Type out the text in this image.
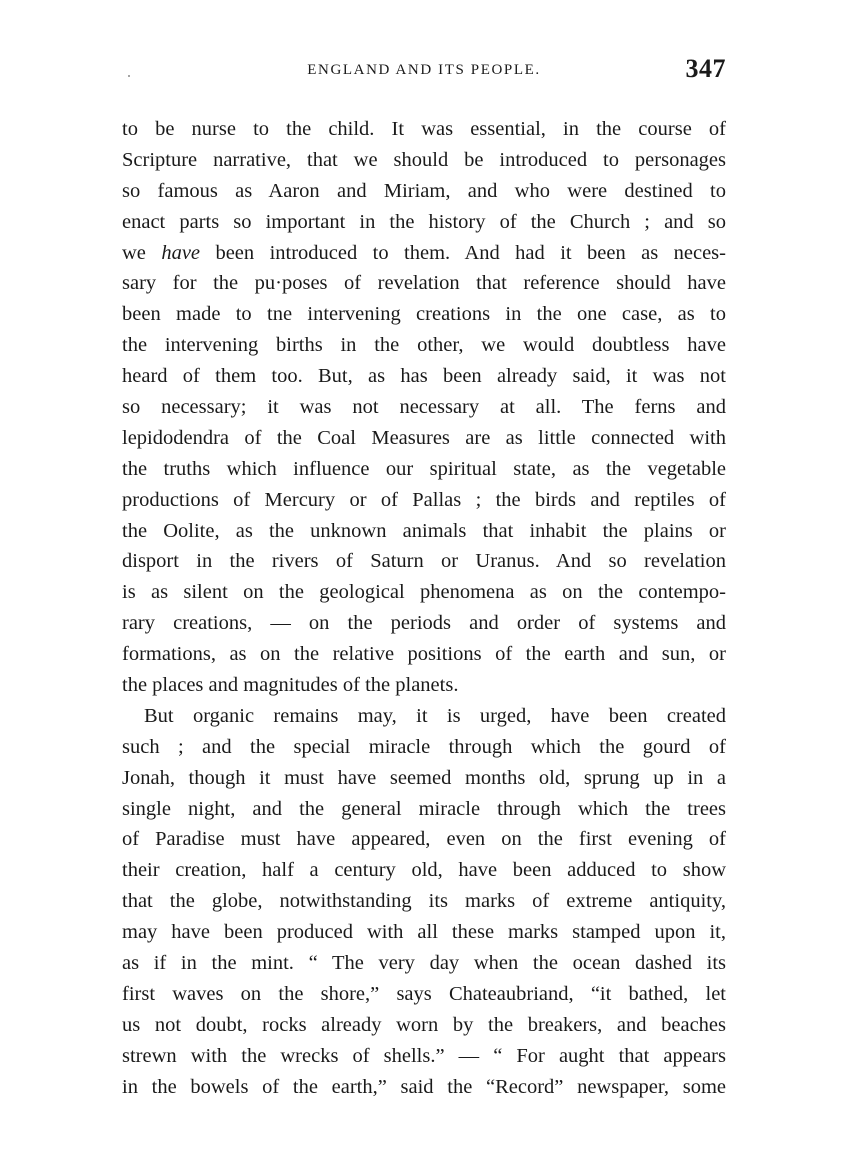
ENGLAND AND ITS PEOPLE.	347
to be nurse to the child. It was essential, in the course of
Scripture narrative, that we should be introduced to personages
so famous as Aaron and Miriam, and who were destined to
enact parts so important in the history of the Church ; and so
we have been introduced to them. And had it been as neces-
sary for the pu·poses of revelation that reference should have
been made to tne intervening creations in the one case, as to
the intervening births in the other, we would doubtless have
heard of them too. But, as has been already said, it was not
so necessary; it was not necessary at all. The ferns and
lepidodendra of the Coal Measures are as little connected with
the truths which influence our spiritual state, as the vegetable
productions of Mercury or of Pallas ; the birds and reptiles of
the Oolite, as the unknown animals that inhabit the plains or
disport in the rivers of Saturn or Uranus. And so revelation
is as silent on the geological phenomena as on the contempo-
rary creations, — on the periods and order of systems and
formations, as on the relative positions of the earth and sun, or
the places and magnitudes of the planets.
But organic remains may, it is urged, have been created
such ; and the special miracle through which the gourd of
Jonah, though it must have seemed months old, sprung up in a
single night, and the general miracle through which the trees
of Paradise must have appeared, even on the first evening of
their creation, half a century old, have been adduced to show
that the globe, notwithstanding its marks of extreme antiquity,
may have been produced with all these marks stamped upon it,
as if in the mint. “ The very day when the ocean dashed its
first waves on the shore,” says Chateaubriand, “it bathed, let
us not doubt, rocks already worn by the breakers, and beaches
strewn with the wrecks of shells.” — “ For aught that appears
in the bowels of the earth,” said the “Record” newspaper, some
